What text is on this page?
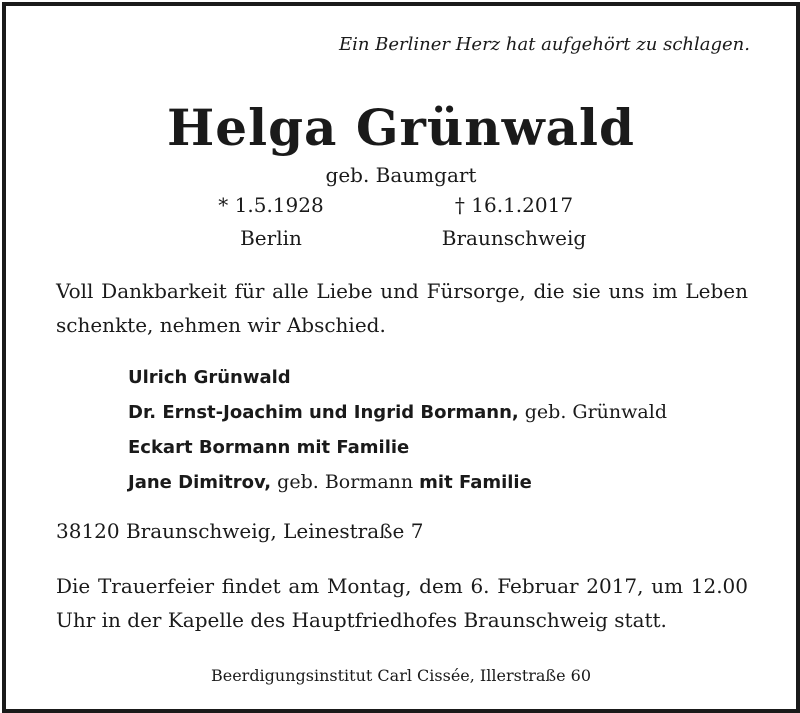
Ein Berliner Herz hat aufgehört zu schlagen.
Helga Grünwald
geb. Baumgart
* 1.5.1928
Berlin
† 16.1.2017
Braunschweig
Voll Dankbarkeit für alle Liebe und Fürsorge, die sie uns im Leben schenkte, nehmen wir Abschied.
Ulrich Grünwald
Dr. Ernst-Joachim und Ingrid Bormann, geb. Grünwald
Eckart Bormann mit Familie
Jane Dimitrov, geb. Bormann mit Familie
38120 Braunschweig, Leinestraße 7
Die Trauerfeier findet am Montag, dem 6. Februar 2017, um 12.00 Uhr in der Kapelle des Hauptfriedhofes Braunschweig statt.
Beerdigungsinstitut Carl Cissée, Illerstraße 60
